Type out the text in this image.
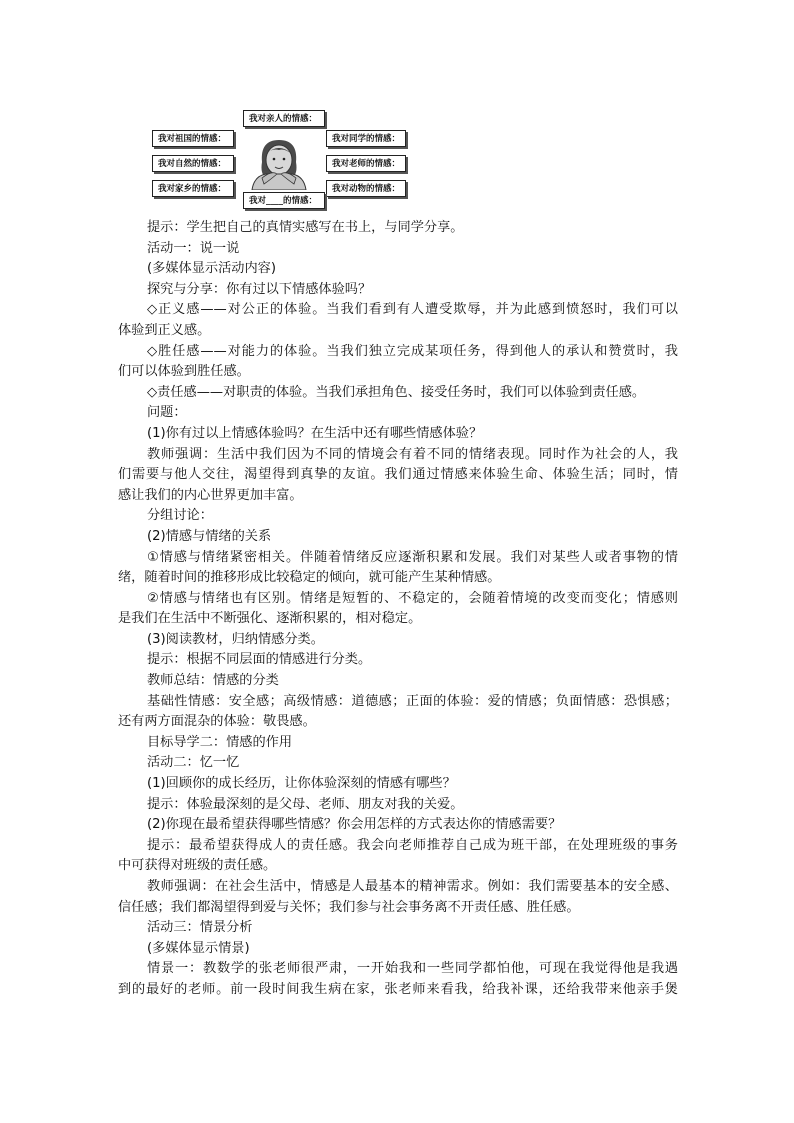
我对亲人的情感：
我对祖国的情感：
我对自然的情感：
我对家乡的情感：
我对同学的情感：
我对老师的情感：
我对动物的情感：
我对____的情感：
提示：学生把自己的真情实感写在书上，与同学分享。
活动一：说一说
(多媒体显示活动内容)
探究与分享：你有过以下情感体验吗？
◇正义感——对公正的体验。当我们看到有人遭受欺辱，并为此感到愤怒时，我们可以
体验到正义感。
◇胜任感——对能力的体验。当我们独立完成某项任务，得到他人的承认和赞赏时，我
们可以体验到胜任感。
◇责任感——对职责的体验。当我们承担角色、接受任务时，我们可以体验到责任感。
问题：
(1)你有过以上情感体验吗？在生活中还有哪些情感体验？
教师强调：生活中我们因为不同的情境会有着不同的情绪表现。同时作为社会的人，我
们需要与他人交往，渴望得到真挚的友谊。我们通过情感来体验生命、体验生活；同时，情
感让我们的内心世界更加丰富。
分组讨论：
(2)情感与情绪的关系
①情感与情绪紧密相关。伴随着情绪反应逐渐积累和发展。我们对某些人或者事物的情
绪，随着时间的推移形成比较稳定的倾向，就可能产生某种情感。
②情感与情绪也有区别。情绪是短暂的、不稳定的，会随着情境的改变而变化；情感则
是我们在生活中不断强化、逐渐积累的，相对稳定。
(3)阅读教材，归纳情感分类。
提示：根据不同层面的情感进行分类。
教师总结：情感的分类
基础性情感：安全感；高级情感：道德感；正面的体验：爱的情感；负面情感：恐惧感；
还有两方面混杂的体验：敬畏感。
目标导学二：情感的作用
活动二：忆一忆
(1)回顾你的成长经历，让你体验深刻的情感有哪些？
提示：体验最深刻的是父母、老师、朋友对我的关爱。
(2)你现在最希望获得哪些情感？你会用怎样的方式表达你的情感需要？
提示：最希望获得成人的责任感。我会向老师推荐自己成为班干部，在处理班级的事务
中可获得对班级的责任感。
教师强调：在社会生活中，情感是人最基本的精神需求。例如：我们需要基本的安全感、
信任感；我们都渴望得到爱与关怀；我们参与社会事务离不开责任感、胜任感。
活动三：情景分析
(多媒体显示情景)
情景一：教数学的张老师很严肃，一开始我和一些同学都怕他，可现在我觉得他是我遇
到的最好的老师。前一段时间我生病在家，张老师来看我，给我补课，还给我带来他亲手煲
